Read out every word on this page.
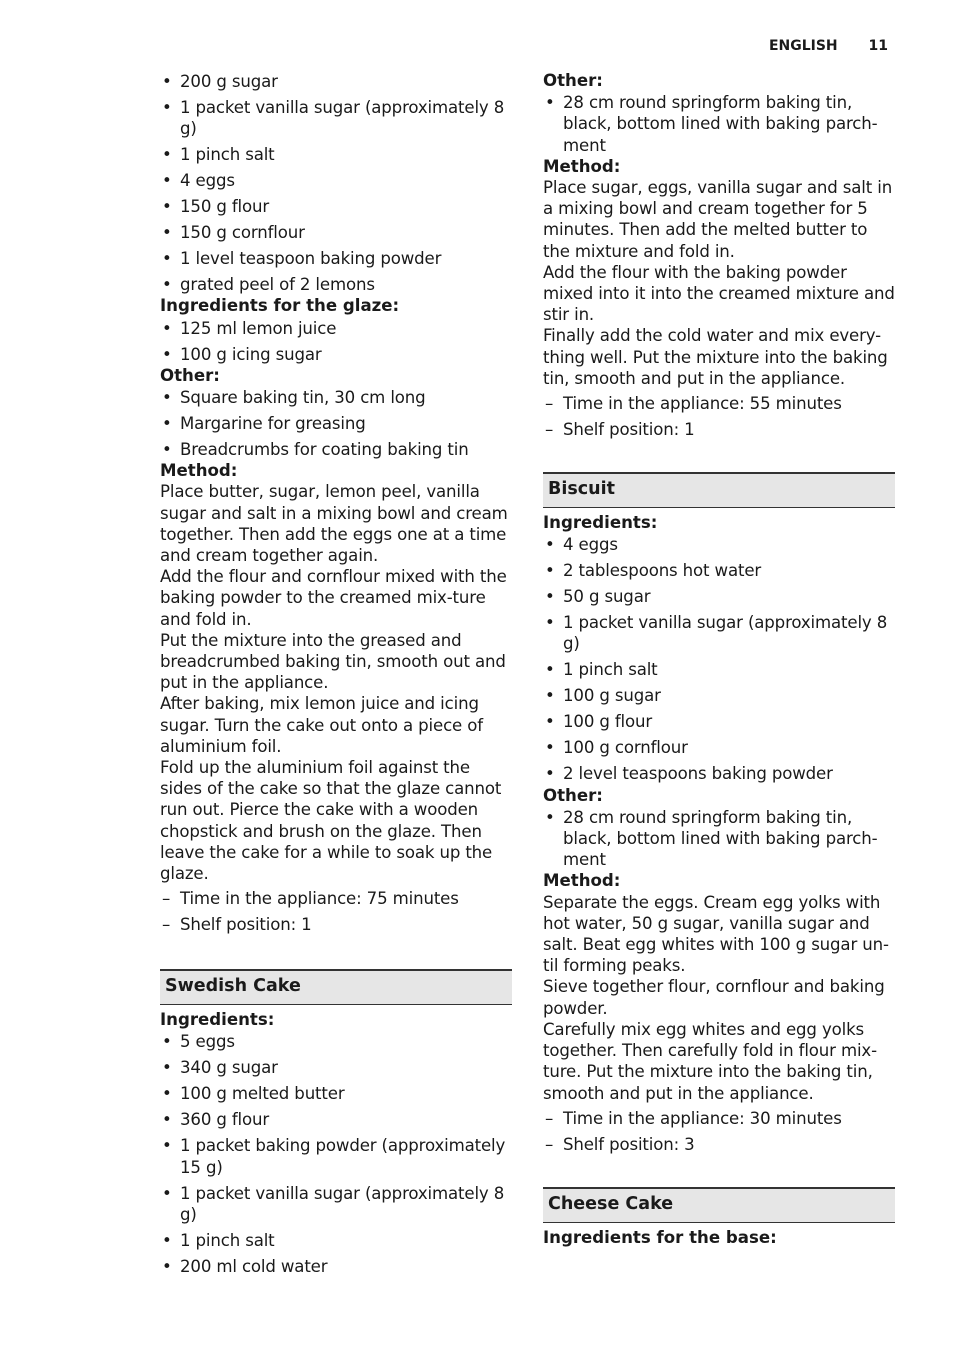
ENGLISH 11
• 200 g sugar
• 1 packet vanilla sugar (approximately 8 g)
• 1 pinch salt
• 4 eggs
• 150 g flour
• 150 g cornflour
• 1 level teaspoon baking powder
• grated peel of 2 lemons
Ingredients for the glaze:
• 125 ml lemon juice
• 100 g icing sugar
Other:
• Square baking tin, 30 cm long
• Margarine for greasing
• Breadcrumbs for coating baking tin
Method:

Place butter, sugar, lemon peel, vanilla sugar and salt in a mixing bowl and cream together. Then add the eggs one at a time and cream together again.

Add the flour and cornflour mixed with the baking powder to the creamed mix-ture and fold in.

Put the mixture into the greased and breadcrumbed baking tin, smooth out and put in the appliance.

After baking, mix lemon juice and icing sugar. Turn the cake out onto a piece of aluminium foil.

Fold up the aluminium foil against the sides of the cake so that the glaze cannot run out. Pierce the cake with a wooden chopstick and brush on the glaze. Then leave the cake for a while to soak up the glaze.

– Time in the appliance: 75 minutes
– Shelf position: 1
Swedish Cake
Ingredients:
• 5 eggs
• 340 g sugar
• 100 g melted butter
• 360 g flour
• 1 packet baking powder (approximately 15 g)
• 1 packet vanilla sugar (approximately 8 g)
• 1 pinch salt
• 200 ml cold water
Other:
• 28 cm round springform baking tin, black, bottom lined with baking parch-ment
Method:

Place sugar, eggs, vanilla sugar and salt in a mixing bowl and cream together for 5 minutes. Then add the melted butter to the mixture and fold in.

Add the flour with the baking powder mixed into it into the creamed mixture and stir in.

Finally add the cold water and mix every-thing well. Put the mixture into the baking tin, smooth and put in the appliance.

– Time in the appliance: 55 minutes
– Shelf position: 1
Biscuit
Ingredients:
• 4 eggs
• 2 tablespoons hot water
• 50 g sugar
• 1 packet vanilla sugar (approximately 8 g)
• 1 pinch salt
• 100 g sugar
• 100 g flour
• 100 g cornflour
• 2 level teaspoons baking powder
Other:
• 28 cm round springform baking tin, black, bottom lined with baking parch-ment
Method:

Separate the eggs. Cream egg yolks with hot water, 50 g sugar, vanilla sugar and salt. Beat egg whites with 100 g sugar un-til forming peaks.

Sieve together flour, cornflour and baking powder.

Carefully mix egg whites and egg yolks together. Then carefully fold in flour mix-ture. Put the mixture into the baking tin, smooth and put in the appliance.

– Time in the appliance: 30 minutes
– Shelf position: 3
Cheese Cake
Ingredients for the base:
